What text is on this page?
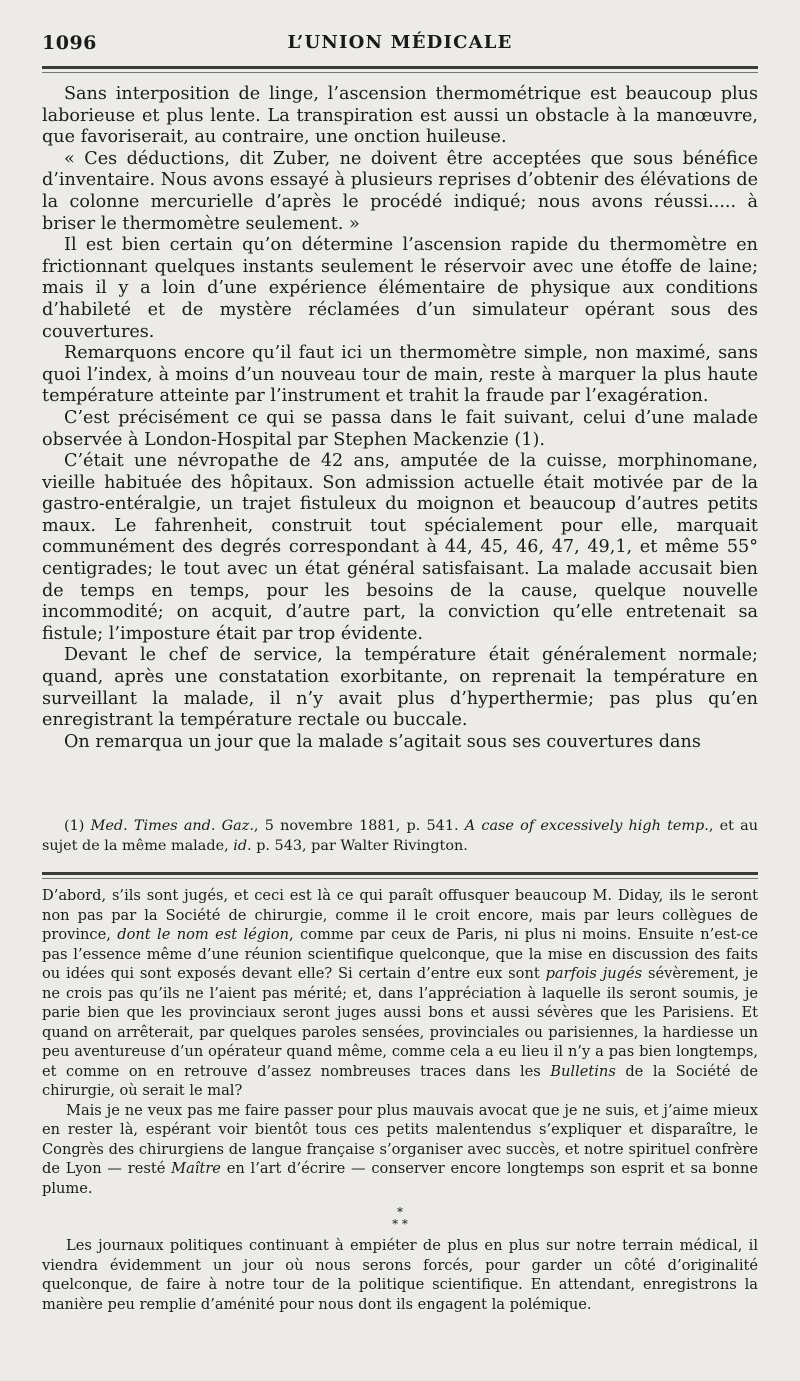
1096	L’UNION MÉDICALE

Sans interposition de linge, l’ascension thermométrique est beaucoup plus laborieuse et plus lente. La transpiration est aussi un obstacle à la manœuvre, que favoriserait, au contraire, une onction huileuse.

« Ces déductions, dit Zuber, ne doivent être acceptées que sous bénéfice d’inventaire. Nous avons essayé à plusieurs reprises d’obtenir des élévations de la colonne mercurielle d’après le procédé indiqué; nous avons réussi..... à briser le thermomètre seulement. »

Il est bien certain qu’on détermine l’ascension rapide du thermomètre en frictionnant quelques instants seulement le réservoir avec une étoffe de laine; mais il y a loin d’une expérience élémentaire de physique aux conditions d’habileté et de mystère réclamées d’un simulateur opérant sous des couvertures.

Remarquons encore qu’il faut ici un thermomètre simple, non maximé, sans quoi l’index, à moins d’un nouveau tour de main, reste à marquer la plus haute température atteinte par l’instrument et trahit la fraude par l’exagération.

C’est précisément ce qui se passa dans le fait suivant, celui d’une malade observée à London-Hospital par Stephen Mackenzie (1).

C’était une névropathe de 42 ans, amputée de la cuisse, morphinomane, vieille habituée des hôpitaux. Son admission actuelle était motivée par de la gastro-entéralgie, un trajet fistuleux du moignon et beaucoup d’autres petits maux. Le fahrenheit, construit tout spécialement pour elle, marquait communément des degrés correspondant à 44, 45, 46, 47, 49,1, et même 55° centigrades; le tout avec un état général satisfaisant. La malade accusait bien de temps en temps, pour les besoins de la cause, quelque nouvelle incommodité; on acquit, d’autre part, la conviction qu’elle entretenait sa fistule; l’imposture était par trop évidente.

Devant le chef de service, la température était généralement normale; quand, après une constatation exorbitante, on reprenait la température en surveillant la malade, il n’y avait plus d’hyperthermie; pas plus qu’en enregistrant la température rectale ou buccale.

On remarqua un jour que la malade s’agitait sous ses couvertures dans

(1) Med. Times and. Gaz., 5 novembre 1881, p. 541. A case of excessively high temp., et au sujet de la même malade, id. p. 543, par Walter Rivington.

D’abord, s’ils sont jugés, et ceci est là ce qui paraît offusquer beaucoup M. Diday, ils le seront non pas par la Société de chirurgie, comme il le croit encore, mais par leurs collègues de province, dont le nom est légion, comme par ceux de Paris, ni plus ni moins. Ensuite n’est-ce pas l’essence même d’une réunion scientifique quelconque, que la mise en discussion des faits ou idées qui sont exposés devant elle? Si certain d’entre eux sont parfois jugés sévèrement, je ne crois pas qu’ils ne l’aient pas mérité; et, dans l’appréciation à laquelle ils seront soumis, je parie bien que les provinciaux seront juges aussi bons et aussi sévères que les Parisiens. Et quand on arrêterait, par quelques paroles sensées, provinciales ou parisiennes, la hardiesse un peu aventureuse d’un opérateur quand même, comme cela a eu lieu il n’y a pas bien longtemps, et comme on en retrouve d’assez nombreuses traces dans les Bulletins de la Société de chirurgie, où serait le mal?

Mais je ne veux pas me faire passer pour plus mauvais avocat que je ne suis, et j’aime mieux en rester là, espérant voir bientôt tous ces petits malentendus s’expliquer et disparaître, le Congrès des chirurgiens de langue française s’organiser avec succès, et notre spirituel confrère de Lyon — resté Maître en l’art d’écrire — conserver encore longtemps son esprit et sa bonne plume.

*
* *

Les journaux politiques continuant à empiéter de plus en plus sur notre terrain médical, il viendra évidemment un jour où nous serons forcés, pour garder un côté d’originalité quelconque, de faire à notre tour de la politique scientifique. En attendant, enregistrons la manière peu remplie d’aménité pour nous dont ils engagent la polémique.
